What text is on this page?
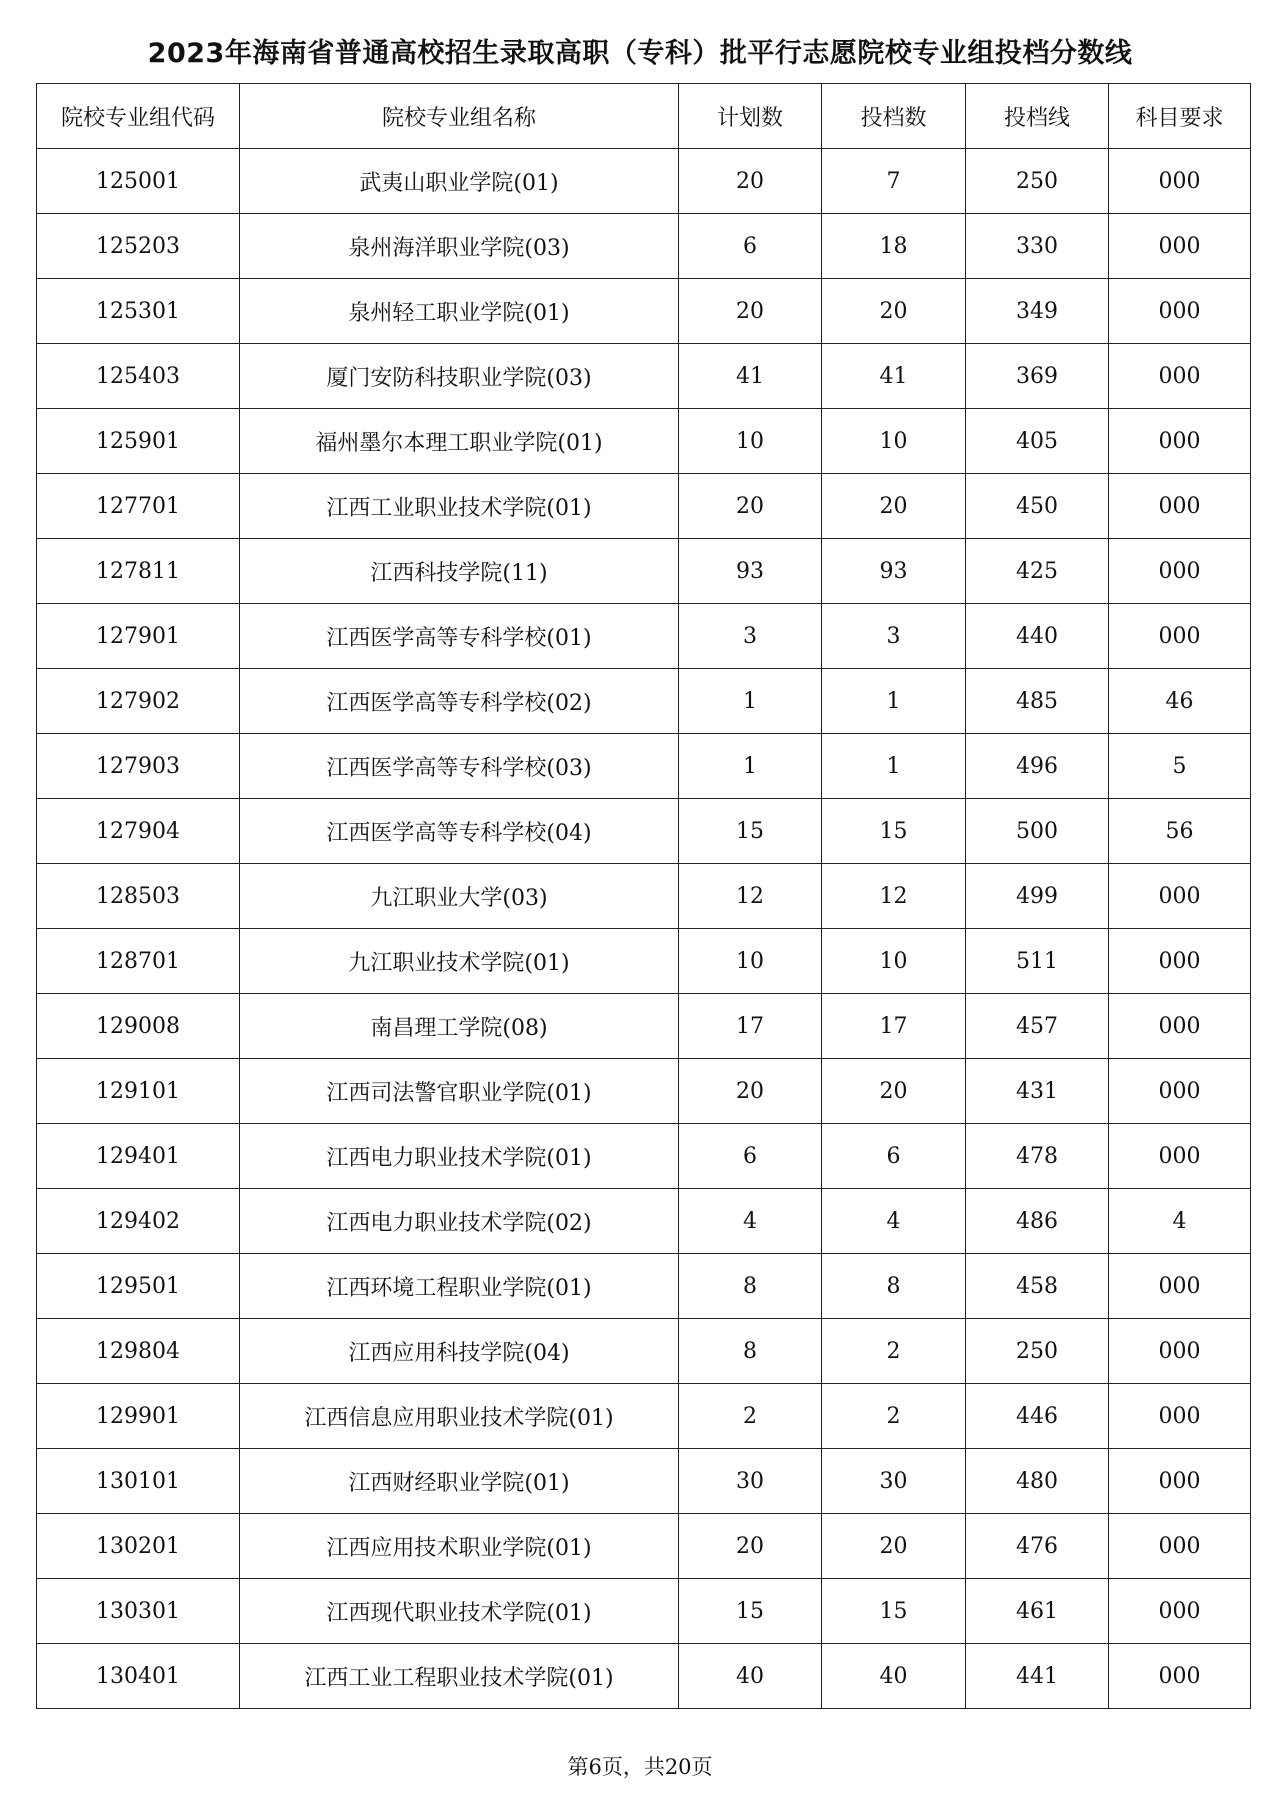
2023年海南省普通高校招生录取高职（专科）批平行志愿院校专业组投档分数线
院校专业组代码	院校专业组名称	计划数	投档数	投档线	科目要求
125001	武夷山职业学院(01)	20	7	250	000
125203	泉州海洋职业学院(03)	6	18	330	000
125301	泉州轻工职业学院(01)	20	20	349	000
125403	厦门安防科技职业学院(03)	41	41	369	000
125901	福州墨尔本理工职业学院(01)	10	10	405	000
127701	江西工业职业技术学院(01)	20	20	450	000
127811	江西科技学院(11)	93	93	425	000
127901	江西医学高等专科学校(01)	3	3	440	000
127902	江西医学高等专科学校(02)	1	1	485	46
127903	江西医学高等专科学校(03)	1	1	496	5
127904	江西医学高等专科学校(04)	15	15	500	56
128503	九江职业大学(03)	12	12	499	000
128701	九江职业技术学院(01)	10	10	511	000
129008	南昌理工学院(08)	17	17	457	000
129101	江西司法警官职业学院(01)	20	20	431	000
129401	江西电力职业技术学院(01)	6	6	478	000
129402	江西电力职业技术学院(02)	4	4	486	4
129501	江西环境工程职业学院(01)	8	8	458	000
129804	江西应用科技学院(04)	8	2	250	000
129901	江西信息应用职业技术学院(01)	2	2	446	000
130101	江西财经职业学院(01)	30	30	480	000
130201	江西应用技术职业学院(01)	20	20	476	000
130301	江西现代职业技术学院(01)	15	15	461	000
130401	江西工业工程职业技术学院(01)	40	40	441	000
第6页，共20页
